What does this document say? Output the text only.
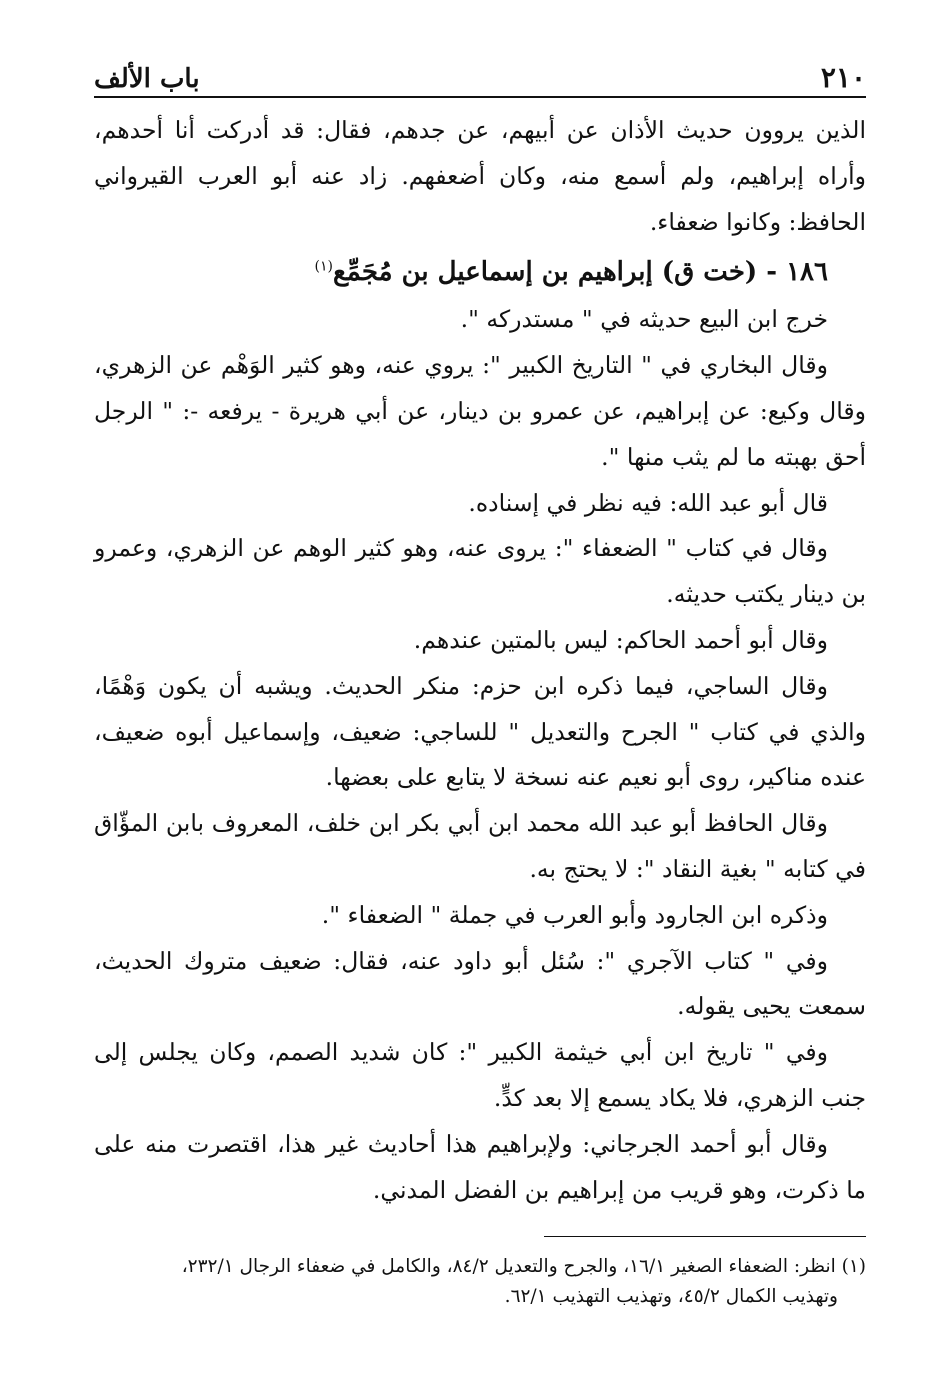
٢١٠
باب الألف

الذين يروون حديث الأذان عن أبيهم، عن جدهم، فقال: قد أدركت أنا أحدهم، وأراه إبراهيم، ولم أسمع منه، وكان أضعفهم. زاد عنه أبو العرب القيرواني الحافظ: وكانوا ضعفاء.

١٨٦ - (خت ق) إبراهيم بن إسماعيل بن مُجَمِّع$^{(١)}$

خرج ابن البيع حديثه في " مستدركه ".

وقال البخاري في " التاريخ الكبير ": يروي عنه، وهو كثير الوَهْم عن الزهري، وقال وكيع: عن إبراهيم، عن عمرو بن دينار، عن أبي هريرة - يرفعه -: " الرجل أحق بهبته ما لم يثب منها ".

قال أبو عبد الله: فيه نظر في إسناده.

وقال في كتاب " الضعفاء ": يروى عنه، وهو كثير الوهم عن الزهري، وعمرو بن دينار يكتب حديثه.

وقال أبو أحمد الحاكم: ليس بالمتين عندهم.

وقال الساجي، فيما ذكره ابن حزم: منكر الحديث. ويشبه أن يكون وَهْمًا، والذي في كتاب " الجرح والتعديل " للساجي: ضعيف، وإسماعيل أبوه ضعيف، عنده مناكير، روى أبو نعيم عنه نسخة لا يتابع على بعضها.

وقال الحافظ أبو عبد الله محمد ابن أبي بكر ابن خلف، المعروف بابن المؤّاق في كتابه " بغية النقاد ": لا يحتج به.

وذكره ابن الجارود وأبو العرب في جملة " الضعفاء ".

وفي " كتاب الآجري ": سُئل أبو داود عنه، فقال: ضعيف متروك الحديث، سمعت يحيى يقوله.

وفي " تاريخ ابن أبي خيثمة الكبير ": كان شديد الصمم، وكان يجلس إلى جنب الزهري، فلا يكاد يسمع إلا بعد كدٍّ.

وقال أبو أحمد الجرجاني: ولإبراهيم هذا أحاديث غير هذا، اقتصرت منه على ما ذكرت، وهو قريب من إبراهيم بن الفضل المدني.

(١) انظر: الضعفاء الصغير ١٦/١، والجرح والتعديل ٨٤/٢، والكامل في ضعفاء الرجال ٢٣٢/١،

وتهذيب الكمال ٤٥/٢، وتهذيب التهذيب ٦٢/١.
